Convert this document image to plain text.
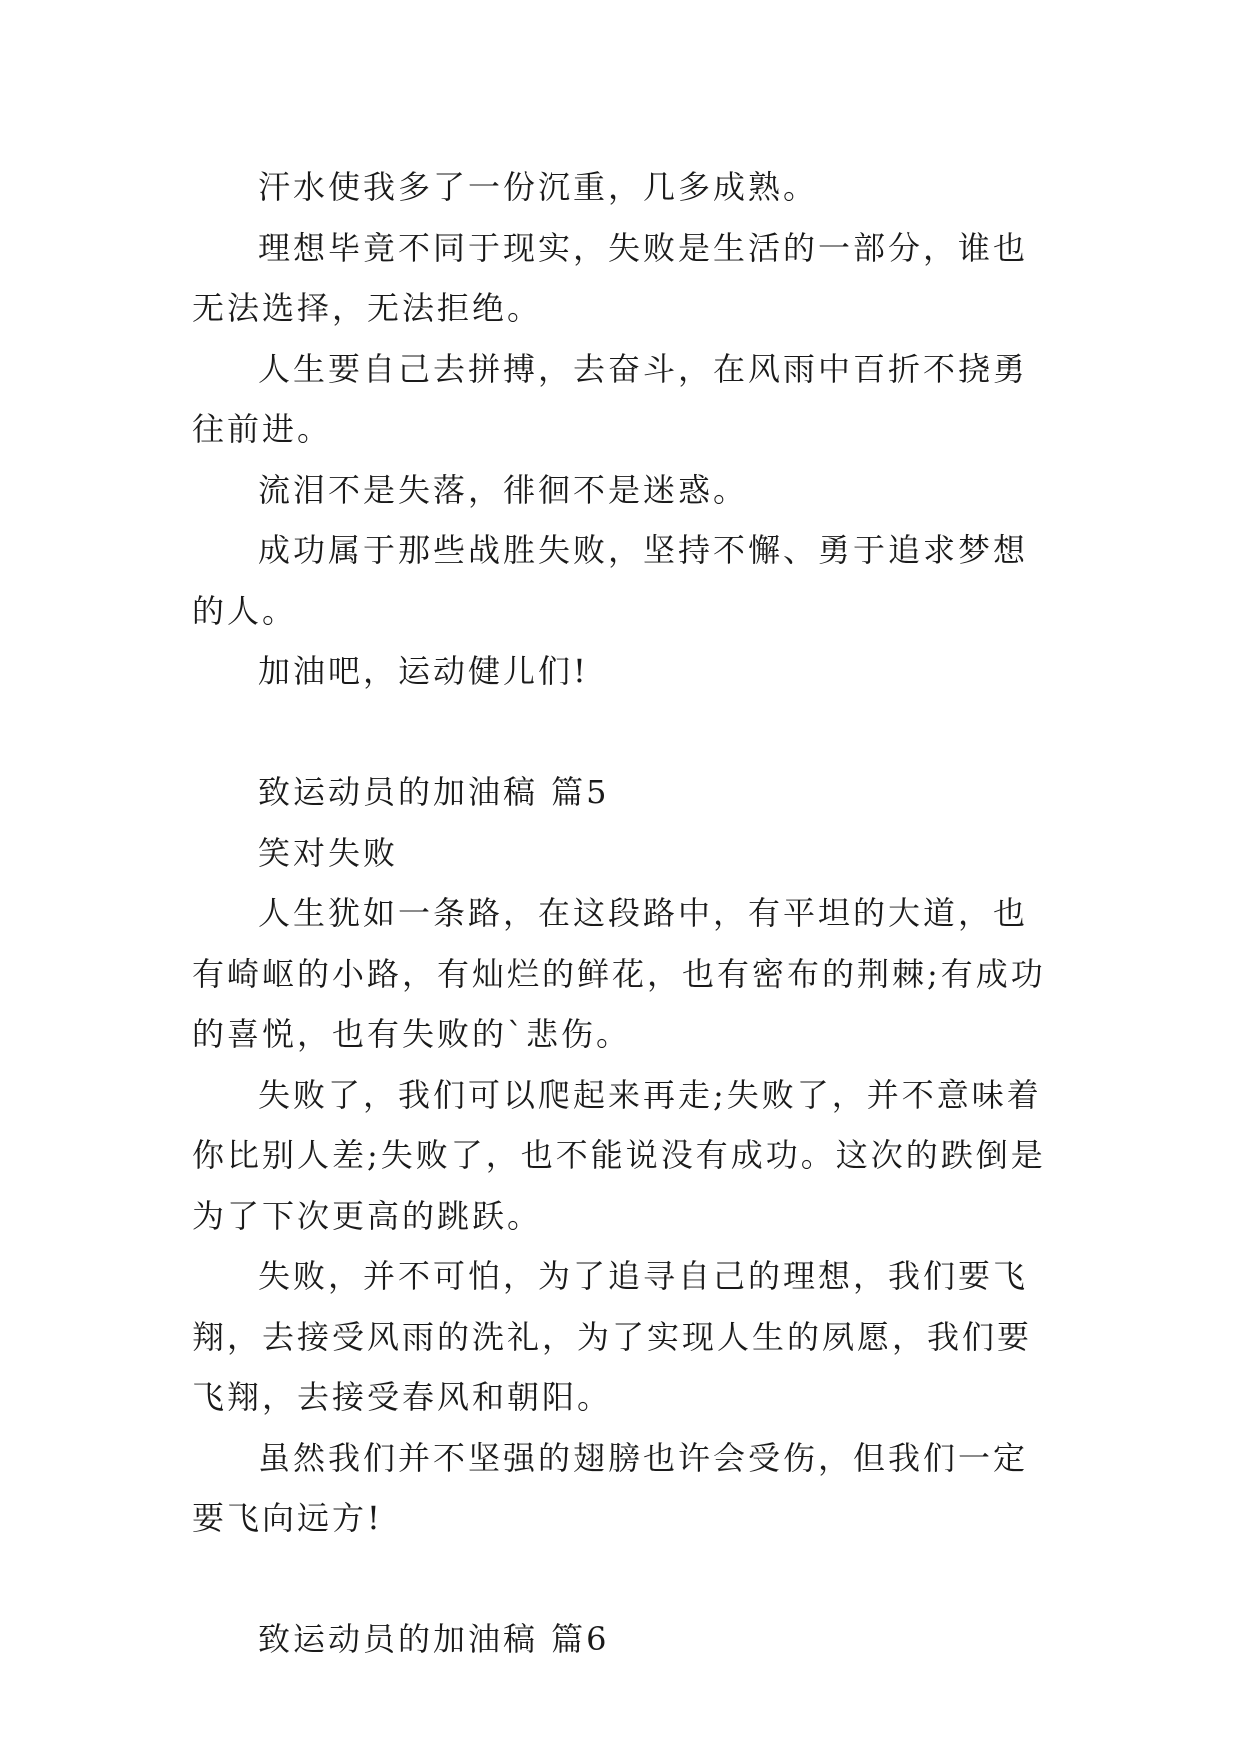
汗水使我多了一份沉重，几多成熟。

理想毕竟不同于现实，失败是生活的一部分，谁也无法选择，无法拒绝。

人生要自己去拼搏，去奋斗，在风雨中百折不挠勇往前进。

流泪不是失落，徘徊不是迷惑。

成功属于那些战胜失败，坚持不懈、勇于追求梦想的人。

加油吧，运动健儿们!

致运动员的加油稿 篇5

笑对失败

人生犹如一条路，在这段路中，有平坦的大道，也有崎岖的小路，有灿烂的鲜花，也有密布的荆棘;有成功的喜悦，也有失败的`悲伤。

失败了，我们可以爬起来再走;失败了，并不意味着你比别人差;失败了，也不能说没有成功。这次的跌倒是为了下次更高的跳跃。

失败，并不可怕，为了追寻自己的理想，我们要飞翔，去接受风雨的洗礼，为了实现人生的夙愿，我们要飞翔，去接受春风和朝阳。

虽然我们并不坚强的翅膀也许会受伤，但我们一定要飞向远方!

致运动员的加油稿 篇6
